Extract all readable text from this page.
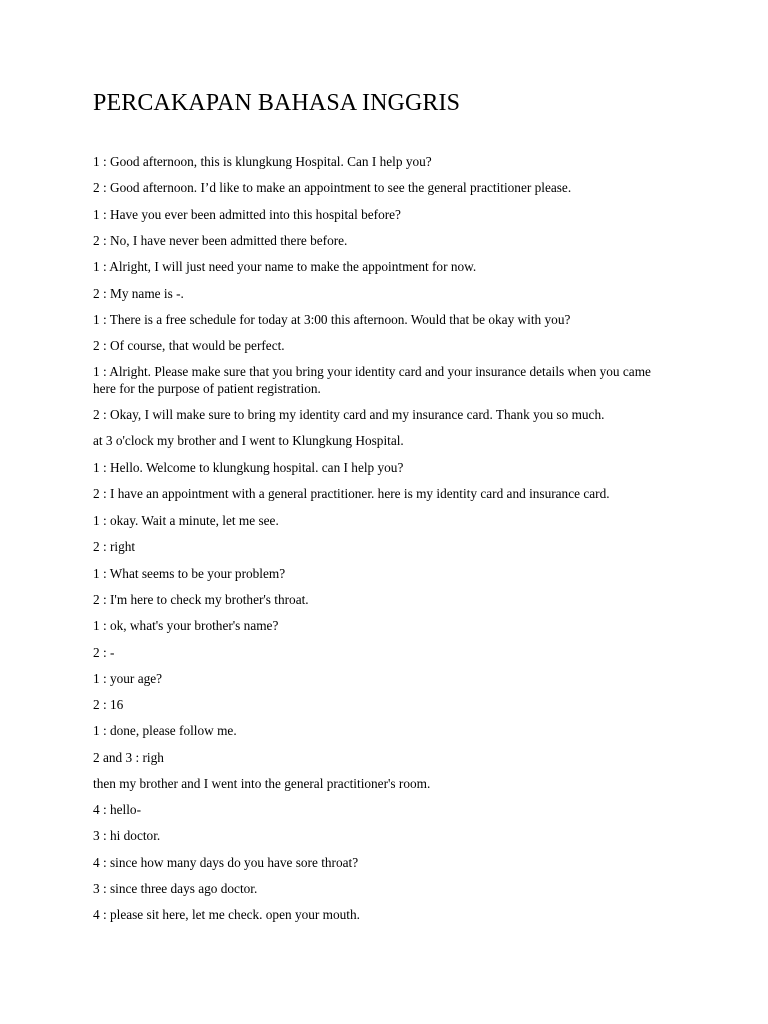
PERCAKAPAN BAHASA INGGRIS

1 : Good afternoon, this is klungkung Hospital. Can I help you?

2 : Good afternoon. I’d like to make an appointment to see the general practitioner please.

1 : Have you ever been admitted into this hospital before?

2 : No, I have never been admitted there before.

1 : Alright, I will just need your name to make the appointment for now.

2 : My name is -.

1 : There is a free schedule for today at 3:00 this afternoon. Would that be okay with you?

2 : Of course, that would be perfect.

1 : Alright. Please make sure that you bring your identity card and your insurance details when you came here for the purpose of patient registration.

2 : Okay, I will make sure to bring my identity card and my insurance card. Thank you so much.

at 3 o'clock my brother and I went to Klungkung Hospital.

1 : Hello. Welcome to klungkung hospital. can I help you?

2 : I have an appointment with a general practitioner. here is my identity card and insurance card.

1 : okay. Wait a minute, let me see.

2 : right

1 : What seems to be your problem?

2 : I'm here to check my brother's throat.

1 : ok, what's your brother's name?

2 : -

1 : your age?

2 : 16

1 : done, please follow me.

2 and 3 : righ

then my brother and I went into the general practitioner's room.

4 : hello-

3 : hi doctor.

4 : since how many days do you have sore throat?

3 : since three days ago doctor.

4 : please sit here, let me check. open your mouth.
